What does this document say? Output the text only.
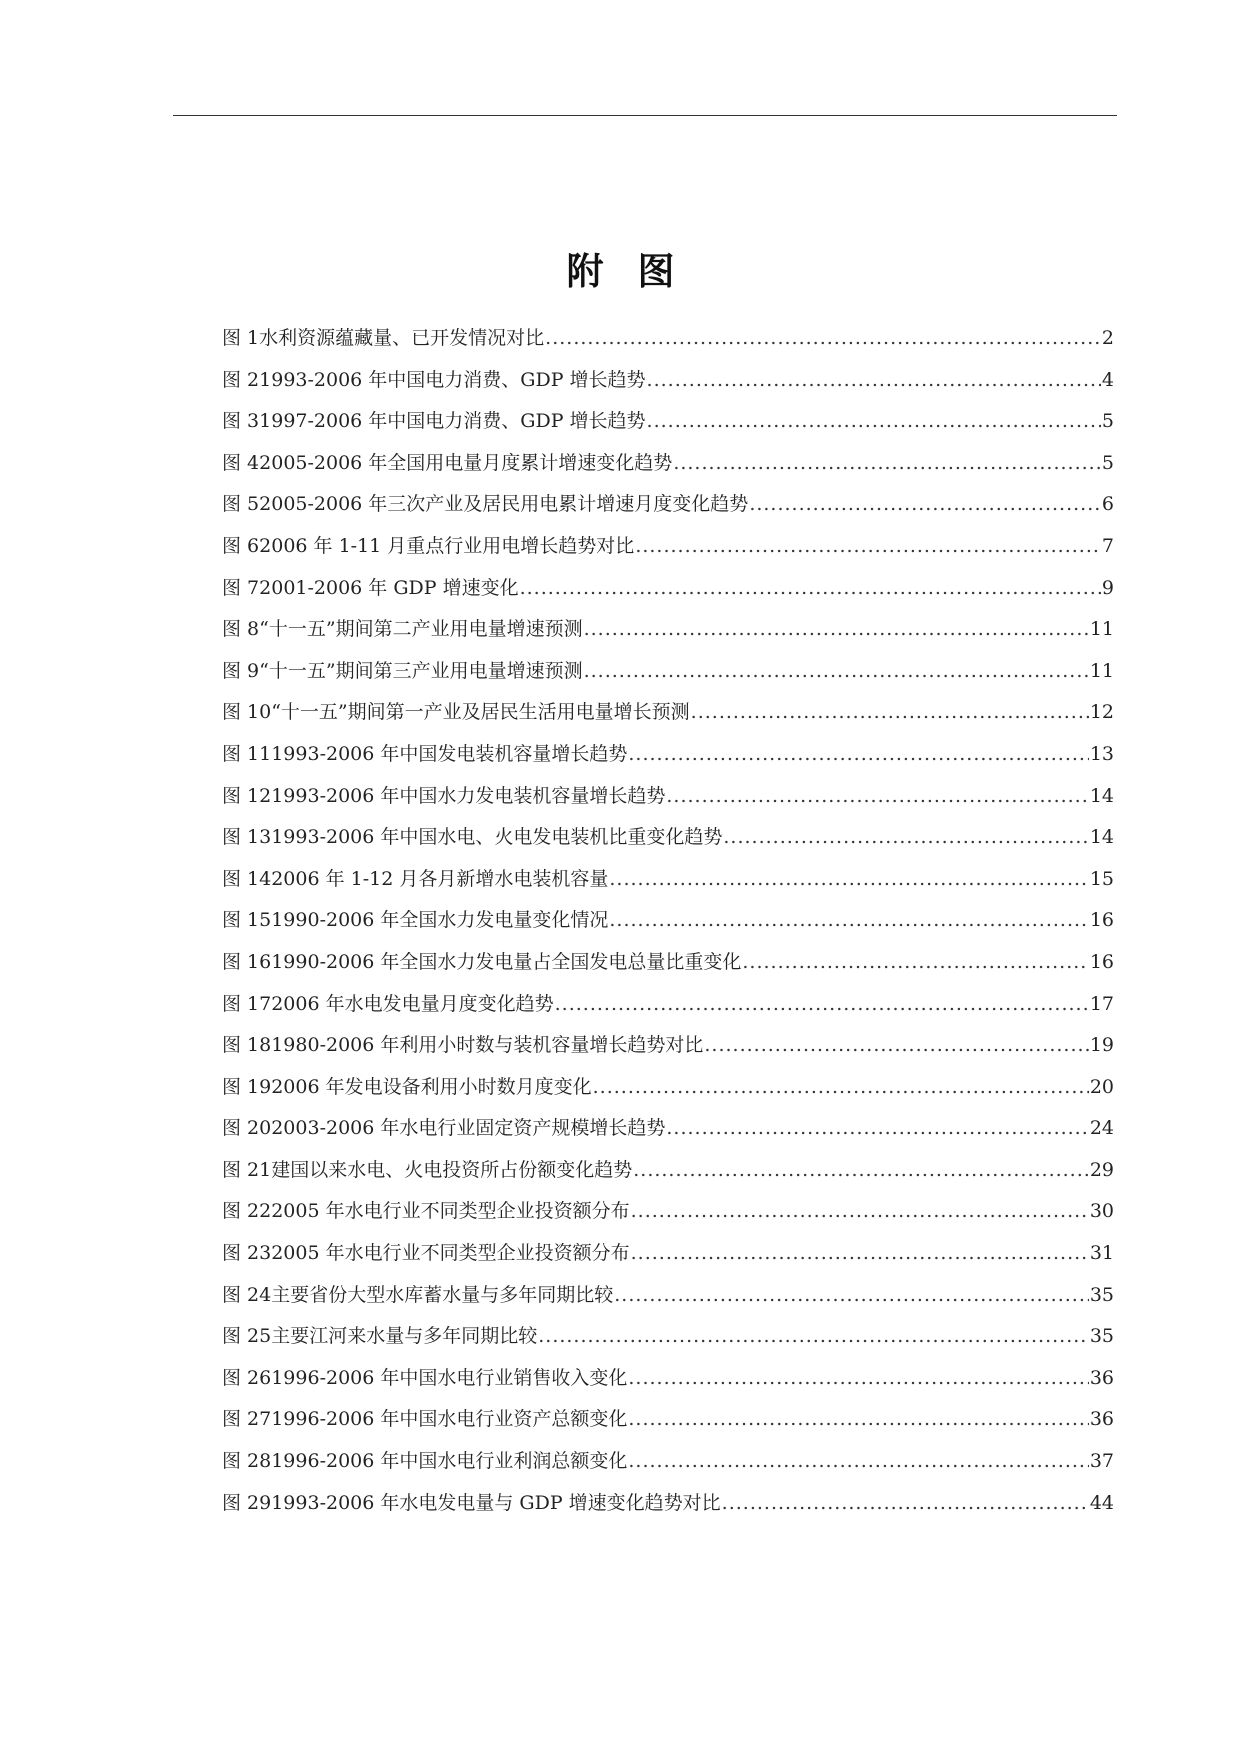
附图
图 1 水利资源蕴藏量、已开发情况对比 .....	2
图 2 1993-2006 年中国电力消费、GDP 增长趋势 .....	4
图 3 1997-2006 年中国电力消费、GDP 增长趋势 .....	5
图 4 2005-2006 年全国用电量月度累计增速变化趋势 .....	5
图 5 2005-2006 年三次产业及居民用电累计增速月度变化趋势 .....	6
图 6 2006 年 1-11 月重点行业用电增长趋势对比 .....	7
图 7 2001-2006 年 GDP 增速变化 .....	9
图 8 “十一五”期间第二产业用电量增速预测 .....	11
图 9 “十一五”期间第三产业用电量增速预测 .....	11
图 10 “十一五”期间第一产业及居民生活用电量增长预测 .....	12
图 11 1993-2006 年中国发电装机容量增长趋势 .....	13
图 12 1993-2006 年中国水力发电装机容量增长趋势 .....	14
图 13 1993-2006 年中国水电、火电发电装机比重变化趋势 .....	14
图 14 2006 年 1-12 月各月新增水电装机容量 .....	15
图 15 1990-2006 年全国水力发电量变化情况 .....	16
图 16 1990-2006 年全国水力发电量占全国发电总量比重变化 .....	16
图 17 2006 年水电发电量月度变化趋势 .....	17
图 18 1980-2006 年利用小时数与装机容量增长趋势对比 .....	19
图 19 2006 年发电设备利用小时数月度变化 .....	20
图 20 2003-2006 年水电行业固定资产规模增长趋势 .....	24
图 21 建国以来水电、火电投资所占份额变化趋势 .....	29
图 22 2005 年水电行业不同类型企业投资额分布 .....	30
图 23 2005 年水电行业不同类型企业投资额分布 .....	31
图 24 主要省份大型水库蓄水量与多年同期比较 .....	35
图 25 主要江河来水量与多年同期比较 .....	35
图 26 1996-2006 年中国水电行业销售收入变化 .....	36
图 27 1996-2006 年中国水电行业资产总额变化 .....	36
图 28 1996-2006 年中国水电行业利润总额变化 .....	37
图 29 1993-2006 年水电发电量与 GDP 增速变化趋势对比 .....	44
